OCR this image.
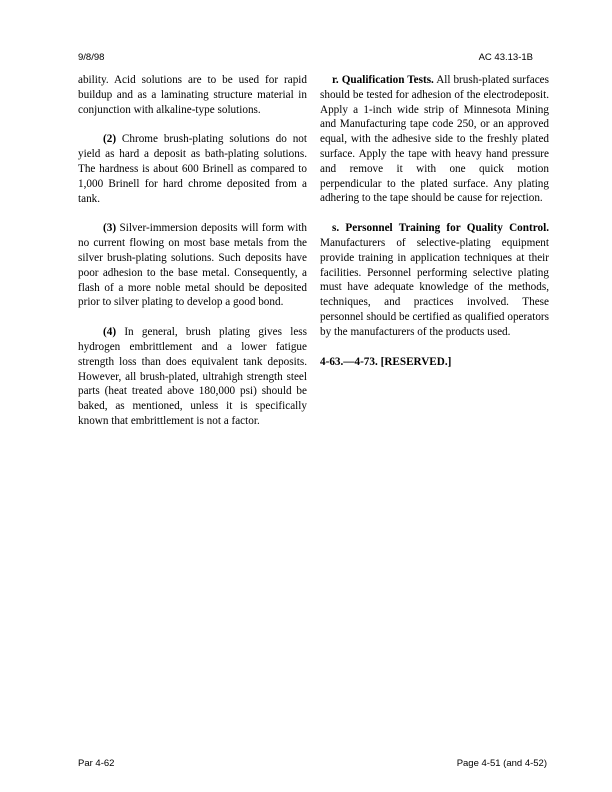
9/8/98	AC 43.13-1B

ability. Acid solutions are to be used for rapid buildup and as a laminating structure material in conjunction with alkaline-type solutions.

(2) Chrome brush-plating solutions do not yield as hard a deposit as bath-plating solutions. The hardness is about 600 Brinell as compared to 1,000 Brinell for hard chrome deposited from a tank.

(3) Silver-immersion deposits will form with no current flowing on most base metals from the silver brush-plating solutions. Such deposits have poor adhesion to the base metal. Consequently, a flash of a more noble metal should be deposited prior to silver plating to develop a good bond.

(4) In general, brush plating gives less hydrogen embrittlement and a lower fatigue strength loss than does equivalent tank deposits. However, all brush-plated, ultrahigh strength steel parts (heat treated above 180,000 psi) should be baked, as mentioned, unless it is specifically known that embrittlement is not a factor.

r. Qualification Tests. All brush-plated surfaces should be tested for adhesion of the electrodeposit. Apply a 1-inch wide strip of Minnesota Mining and Manufacturing tape code 250, or an approved equal, with the adhesive side to the freshly plated surface. Apply the tape with heavy hand pressure and remove it with one quick motion perpendicular to the plated surface. Any plating adhering to the tape should be cause for rejection.

s. Personnel Training for Quality Control. Manufacturers of selective-plating equipment provide training in application techniques at their facilities. Personnel performing selective plating must have adequate knowledge of the methods, techniques, and practices involved. These personnel should be certified as qualified operators by the manufacturers of the products used.

4-63.—4-73. [RESERVED.]

Par 4-62	Page 4-51 (and 4-52)
